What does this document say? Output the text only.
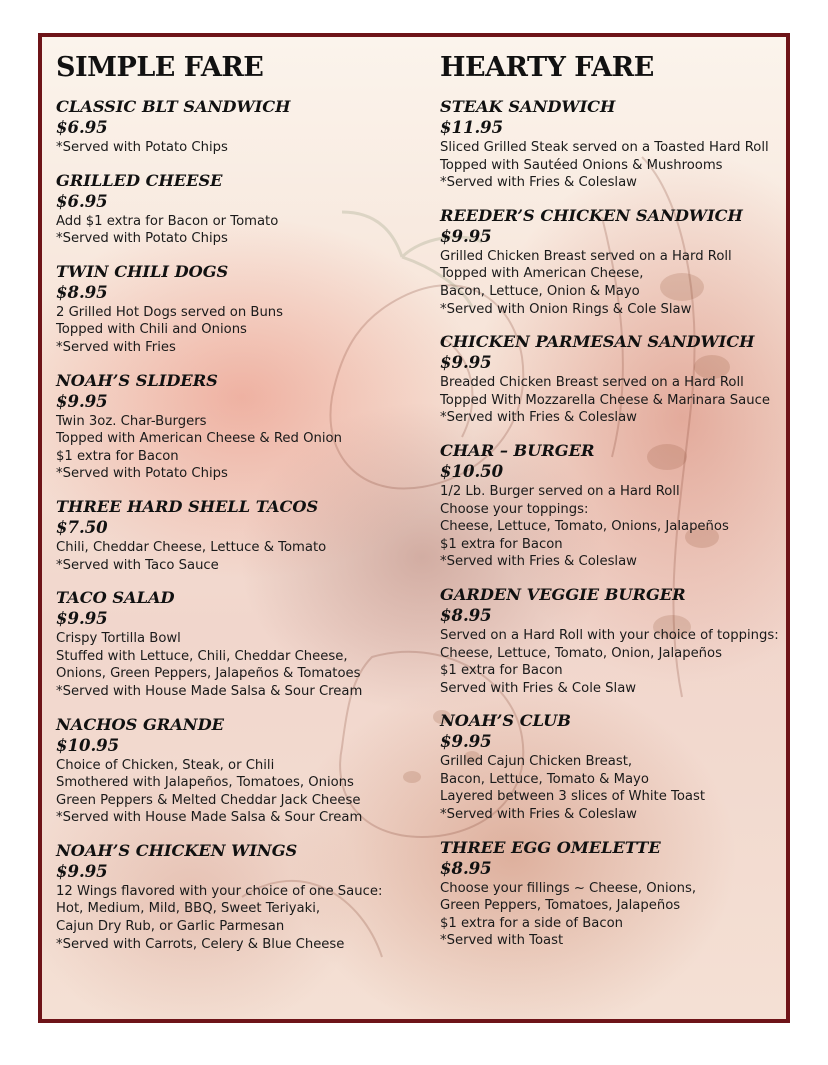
SIMPLE FARE
CLASSIC BLT SANDWICH
$6.95
*Served with Potato Chips
GRILLED CHEESE
$6.95
Add $1 extra for Bacon or Tomato
*Served with Potato Chips
TWIN CHILI DOGS
$8.95
2 Grilled Hot Dogs served on Buns
Topped with Chili and Onions
*Served with Fries
NOAH’S SLIDERS
$9.95
Twin 3oz. Char-Burgers
Topped with American Cheese & Red Onion
$1 extra for Bacon
*Served with Potato Chips
THREE HARD SHELL TACOS
$7.50
Chili, Cheddar Cheese, Lettuce & Tomato
*Served with Taco Sauce
TACO SALAD
$9.95
Crispy Tortilla Bowl
Stuffed with Lettuce, Chili, Cheddar Cheese,
Onions, Green Peppers, Jalapeños & Tomatoes
*Served with House Made Salsa & Sour Cream
NACHOS GRANDE
$10.95
Choice of Chicken, Steak, or Chili
Smothered with Jalapeños, Tomatoes, Onions
Green Peppers & Melted Cheddar Jack Cheese
*Served with House Made Salsa & Sour Cream
NOAH’S CHICKEN WINGS
$9.95
12 Wings flavored with your choice of one Sauce:
Hot, Medium, Mild, BBQ, Sweet Teriyaki,
Cajun Dry Rub, or Garlic Parmesan
*Served with Carrots, Celery & Blue Cheese
HEARTY FARE
STEAK SANDWICH
$11.95
Sliced Grilled Steak served on a Toasted Hard Roll
Topped with Sautéed Onions & Mushrooms
*Served with Fries & Coleslaw
REEDER’S CHICKEN SANDWICH
$9.95
Grilled Chicken Breast served on a Hard Roll
Topped with American Cheese,
Bacon, Lettuce, Onion & Mayo
*Served with Onion Rings & Cole Slaw
CHICKEN PARMESAN SANDWICH
$9.95
Breaded Chicken Breast served on a Hard Roll
Topped With Mozzarella Cheese & Marinara Sauce
*Served with Fries & Coleslaw
CHAR – BURGER
$10.50
1/2 Lb. Burger served on a Hard Roll
Choose your toppings:
Cheese, Lettuce, Tomato, Onions, Jalapeños
$1 extra for Bacon
*Served with Fries & Coleslaw
GARDEN VEGGIE BURGER
$8.95
Served on a Hard Roll with your choice of toppings:
Cheese, Lettuce, Tomato, Onion, Jalapeños
$1 extra for Bacon
Served with Fries & Cole Slaw
NOAH’S CLUB
$9.95
Grilled Cajun Chicken Breast,
Bacon, Lettuce, Tomato & Mayo
Layered between 3 slices of White Toast
*Served with Fries & Coleslaw
THREE EGG OMELETTE
$8.95
Choose your fillings ~ Cheese, Onions,
Green Peppers, Tomatoes, Jalapeños
$1 extra for a side of Bacon
*Served with Toast
